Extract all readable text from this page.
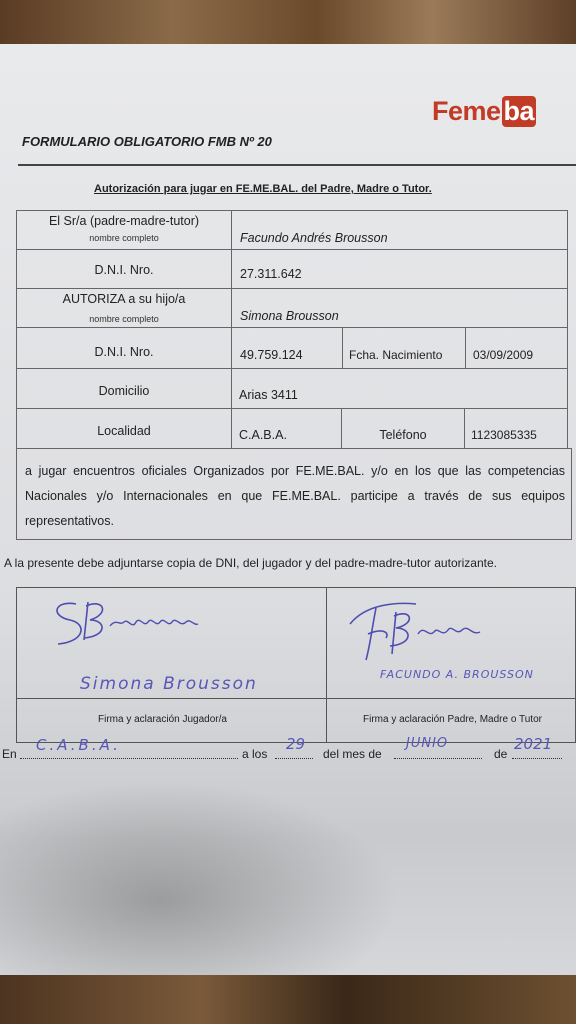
Feme ba
FORMULARIO OBLIGATORIO FMB Nº 20
Autorización para jugar en FE.ME.BAL. del Padre, Madre o Tutor.
El Sr/a (padre-madre-tutor)
nombre completo	Facundo Andrés Brousson
D.N.I. Nro.	27.311.642
AUTORIZA a su hijo/a
nombre completo	Simona Brousson
D.N.I. Nro.	49.759.124	Fcha. Nacimiento	03/09/2009
Domicilio	Arias 3411
Localidad	C.A.B.A.	Teléfono	1123085335
a jugar encuentros oficiales Organizados por FE.ME.BAL. y/o en los que las competencias Nacionales y/o Internacionales en que FE.ME.BAL. participe a través de sus equipos representativos.
A la presente debe adjuntarse copia de DNI, del jugador y del padre-madre-tutor autorizante.
Simona Brousson
Firma y aclaración Jugador/a
FACUNDO A. BROUSSON
Firma y aclaración Padre, Madre o Tutor
En C.A.B.A.	a los
29
del mes de
JUNIO
de
2021
